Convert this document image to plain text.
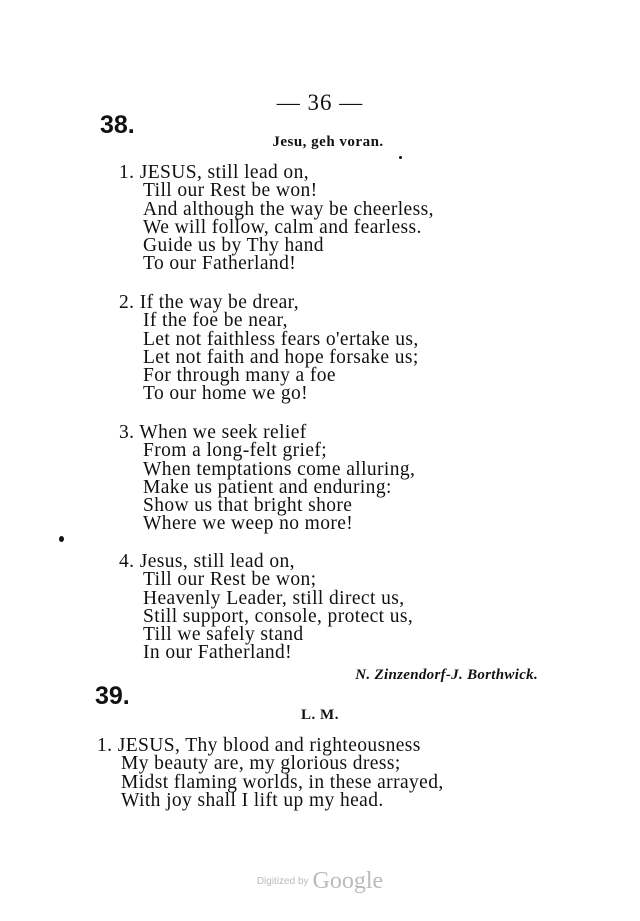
— 36 —
38.
Jesu, geh voran.
1. JESUS, still lead on,
Till our Rest be won!
And although the way be cheerless,
We will follow, calm and fearless.
Guide us by Thy hand
To our Fatherland!
2. If the way be drear,
If the foe be near,
Let not faithless fears o'ertake us,
Let not faith and hope forsake us;
For through many a foe
To our home we go!
3. When we seek relief
From a long-felt grief;
When temptations come alluring,
Make us patient and enduring:
Show us that bright shore
Where we weep no more!
4. Jesus, still lead on,
Till our Rest be won;
Heavenly Leader, still direct us,
Still support, console, protect us,
Till we safely stand
In our Fatherland!
N. Zinzendorf-J. Borthwick.
39.
L. M.
1. JESUS, Thy blood and righteousness
My beauty are, my glorious dress;
Midst flaming worlds, in these arrayed,
With joy shall I lift up my head.
Digitized by Google
